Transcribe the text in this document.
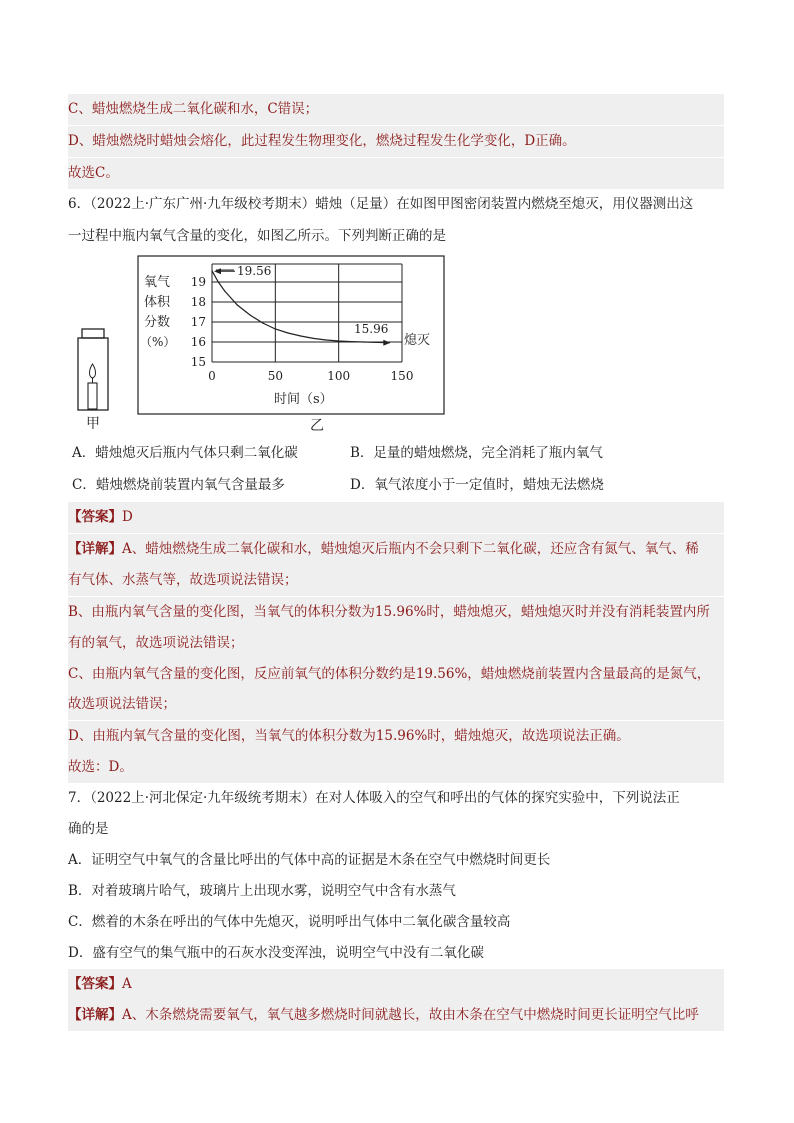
C、蜡烛燃烧生成二氧化碳和水，C错误；
D、蜡烛燃烧时蜡烛会熔化，此过程发生物理变化，燃烧过程发生化学变化，D正确。
故选C。
6．（2022上·广东广州·九年级校考期末）蜡烛（足量）在如图甲图密闭装置内燃烧至熄灭，用仪器测出这
一过程中瓶内氧气含量的变化，如图乙所示。下列判断正确的是
甲
氧气
体积
分数
（%）
15
16
17
18
19
0	50	100	150
19.56
15.96
熄灭
时间（s）
乙
A．蜡烛熄灭后瓶内气体只剩二氧化碳	B．足量的蜡烛燃烧，完全消耗了瓶内氧气
C．蜡烛燃烧前装置内氧气含量最多	D．氧气浓度小于一定值时，蜡烛无法燃烧
【答案】D
【详解】A、蜡烛燃烧生成二氧化碳和水，蜡烛熄灭后瓶内不会只剩下二氧化碳，还应含有氮气、氧气、稀
有气体、水蒸气等，故选项说法错误；
B、由瓶内氧气含量的变化图，当氧气的体积分数为15.96%时，蜡烛熄灭，蜡烛熄灭时并没有消耗装置内所
有的氧气，故选项说法错误；
C、由瓶内氧气含量的变化图，反应前氧气的体积分数约是19.56%，蜡烛燃烧前装置内含量最高的是氮气，
故选项说法错误；
D、由瓶内氧气含量的变化图，当氧气的体积分数为15.96%时，蜡烛熄灭，故选项说法正确。
故选：D。
7．（2022上·河北保定·九年级统考期末）在对人体吸入的空气和呼出的气体的探究实验中，下列说法正
确的是
A．证明空气中氧气的含量比呼出的气体中高的证据是木条在空气中燃烧时间更长
B．对着玻璃片哈气，玻璃片上出现水雾，说明空气中含有水蒸气
C．燃着的木条在呼出的气体中先熄灭，说明呼出气体中二氧化碳含量较高
D．盛有空气的集气瓶中的石灰水没变浑浊，说明空气中没有二氧化碳
【答案】A
【详解】A、木条燃烧需要氧气，氧气越多燃烧时间就越长，故由木条在空气中燃烧时间更长证明空气比呼
